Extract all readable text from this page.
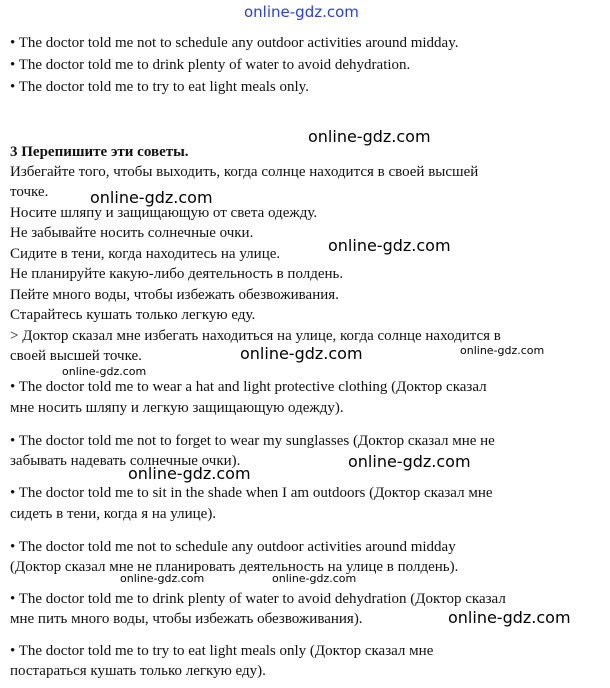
online-gdz.com
online-gdz.com
online-gdz.com
online-gdz.com
online-gdz.com	online-gdz.com
online-gdz.com
online-gdz.com
online-gdz.com
online-gdz.com	online-gdz.com
online-gdz.com
• The doctor told me not to schedule any outdoor activities around midday.
• The doctor told me to drink plenty of water to avoid dehydration.
• The doctor told me to try to eat light meals only.
3 Перепишите эти советы.
Избегайте того, чтобы выходить, когда солнце находится в своей высшей
точке.
Носите шляпу и защищающую от света одежду.
Не забывайте носить солнечные очки.
Сидите в тени, когда находитесь на улице.
Не планируйте какую-либо деятельность в полдень.
Пейте много воды, чтобы избежать обезвоживания.
Старайтесь кушать только легкую еду.
> Доктор сказал мне избегать находиться на улице, когда солнце находится в
своей высшей точке.
• The doctor told me to wear a hat and light protective clothing (Доктор сказал
мне носить шляпу и легкую защищающую одежду).
• The doctor told me not to forget to wear my sunglasses (Доктор сказал мне не
забывать надевать солнечные очки).
• The doctor told me to sit in the shade when I am outdoors (Доктор сказал мне
сидеть в тени, когда я на улице).
• The doctor told me not to schedule any outdoor activities around midday
(Доктор сказал мне не планировать деятельность на улице в полдень).
• The doctor told me to drink plenty of water to avoid dehydration (Доктор сказал
мне пить много воды, чтобы избежать обезвоживания).
• The doctor told me to try to eat light meals only (Доктор сказал мне
постараться кушать только легкую еду).
